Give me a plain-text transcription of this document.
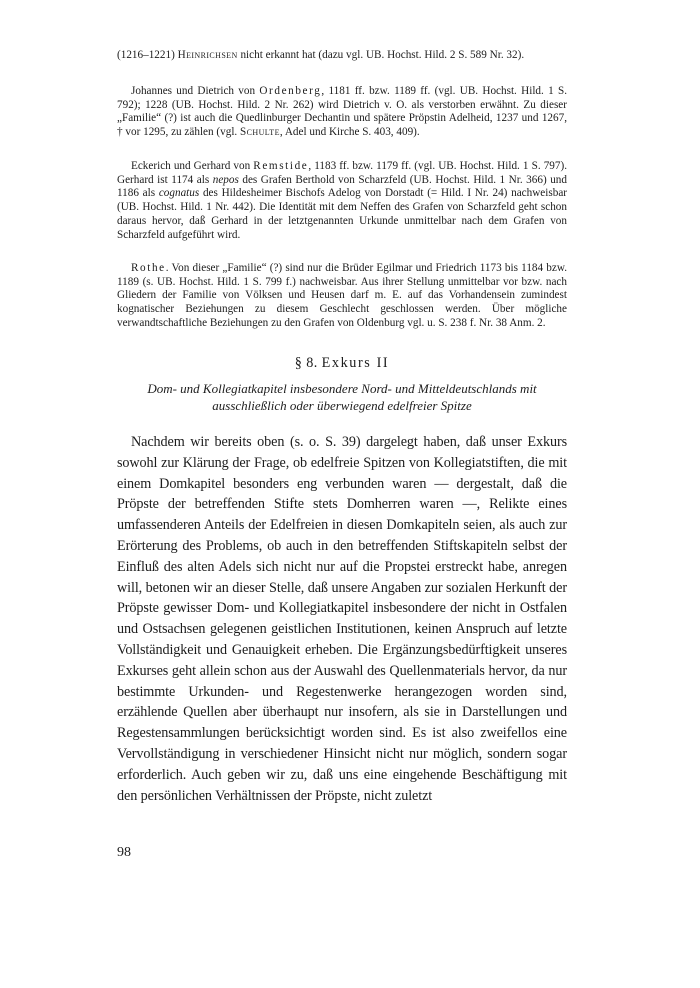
(1216–1221) Heinrichsen nicht erkannt hat (dazu vgl. UB. Hochst. Hild. 2 S. 589 Nr. 32).
Johannes und Dietrich von Ordenberg, 1181 ff. bzw. 1189 ff. (vgl. UB. Hochst. Hild. 1 S. 792); 1228 (UB. Hochst. Hild. 2 Nr. 262) wird Dietrich v. O. als verstorben erwähnt. Zu dieser „Familie“ (?) ist auch die Quedlinburger Dechantin und spätere Pröpstin Adelheid, 1237 und 1267, † vor 1295, zu zählen (vgl. Schulte, Adel und Kirche S. 403, 409).
Eckerich und Gerhard von Remstide, 1183 ff. bzw. 1179 ff. (vgl. UB. Hochst. Hild. 1 S. 797). Gerhard ist 1174 als nepos des Grafen Berthold von Scharzfeld (UB. Hochst. Hild. 1 Nr. 366) und 1186 als cognatus des Hildesheimer Bischofs Adelog von Dorstadt (= Hild. I Nr. 24) nachweisbar (UB. Hochst. Hild. 1 Nr. 442). Die Identität mit dem Neffen des Grafen von Scharzfeld geht schon daraus hervor, daß Gerhard in der letztgenannten Urkunde unmittelbar nach dem Grafen von Scharzfeld aufgeführt wird.
Rothe. Von dieser „Familie“ (?) sind nur die Brüder Egilmar und Friedrich 1173 bis 1184 bzw. 1189 (s. UB. Hochst. Hild. 1 S. 799 f.) nachweisbar. Aus ihrer Stellung unmittelbar vor bzw. nach Gliedern der Familie von Völksen und Heusen darf m. E. auf das Vorhandensein zumindest kognatischer Beziehungen zu diesem Geschlecht geschlossen werden. Über mögliche verwandtschaftliche Beziehungen zu den Grafen von Oldenburg vgl. u. S. 238 f. Nr. 38 Anm. 2.
§ 8. Exkurs II
Dom- und Kollegiatkapitel insbesondere Nord- und Mitteldeutschlands mit ausschließlich oder überwiegend edelfreier Spitze
Nachdem wir bereits oben (s. o. S. 39) dargelegt haben, daß unser Exkurs sowohl zur Klärung der Frage, ob edelfreie Spitzen von Kollegiatstiften, die mit einem Domkapitel besonders eng verbunden waren — dergestalt, daß die Pröpste der betreffenden Stifte stets Domherren waren —, Relikte eines umfassenderen Anteils der Edelfreien in diesen Domkapiteln seien, als auch zur Erörterung des Problems, ob auch in den betreffenden Stiftskapiteln selbst der Einfluß des alten Adels sich nicht nur auf die Propstei erstreckt habe, anregen will, betonen wir an dieser Stelle, daß unsere Angaben zur sozialen Herkunft der Pröpste gewisser Dom- und Kollegiatkapitel insbesondere der nicht in Ostfalen und Ostsachsen gelegenen geistlichen Institutionen, keinen Anspruch auf letzte Vollständigkeit und Genauigkeit erheben. Die Ergänzungsbedürftigkeit unseres Exkurses geht allein schon aus der Auswahl des Quellenmaterials hervor, da nur bestimmte Urkunden- und Regestenwerke herangezogen worden sind, erzählende Quellen aber überhaupt nur insofern, als sie in Darstellungen und Regestensammlungen berücksichtigt worden sind. Es ist also zweifellos eine Vervollständigung in verschiedener Hinsicht nicht nur möglich, sondern sogar erforderlich. Auch geben wir zu, daß uns eine eingehende Beschäftigung mit den persönlichen Verhältnissen der Pröpste, nicht zuletzt
98
